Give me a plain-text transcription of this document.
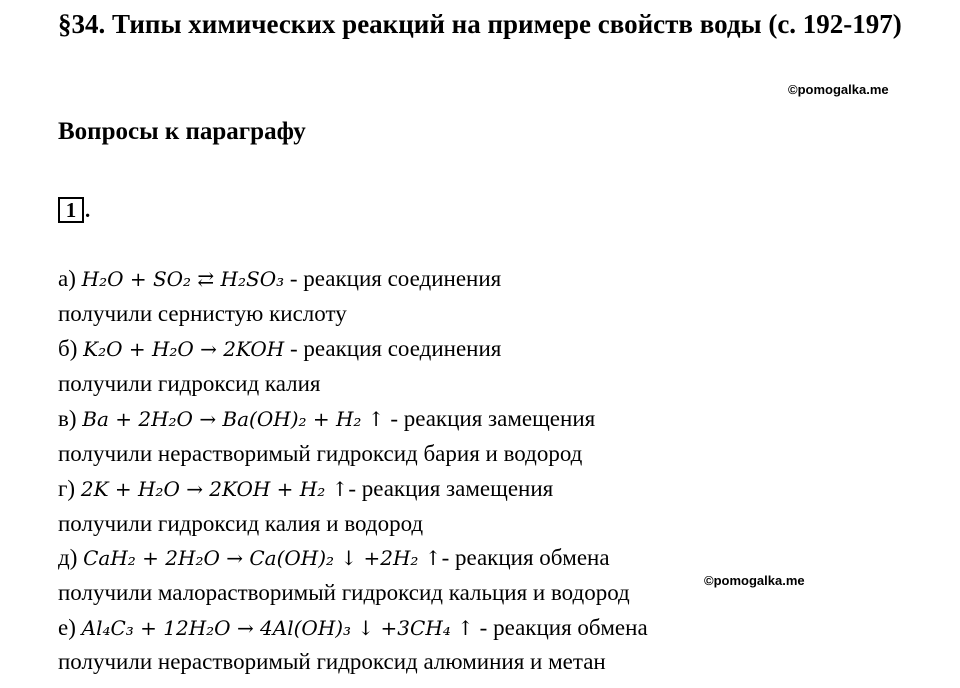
§34. Типы химических реакций на примере свойств воды (с. 192-197)
©pomogalka.me
Вопросы к параграфу
1 .
а) H₂O + SO₂ ⇄ H₂SO₃ - реакция соединения
получили сернистую кислоту
б) K₂O + H₂O → 2KOH - реакция соединения
получили гидроксид калия
в) Ba + 2H₂O → Ba(OH)₂ + H₂ ↑ - реакция замещения
получили нерастворимый гидроксид бария и водород
г) 2K + H₂O → 2KOH + H₂ ↑- реакция замещения
получили гидроксид калия и водород
д) CaH₂ + 2H₂O → Ca(OH)₂ ↓ +2H₂ ↑- реакция обмена
получили малорастворимый гидроксид кальция и водород	©pomogalka.me
е) Al₄C₃ + 12H₂O → 4Al(OH)₃ ↓ +3CH₄ ↑ - реакция обмена
получили нерастворимый гидроксид алюминия и метан
